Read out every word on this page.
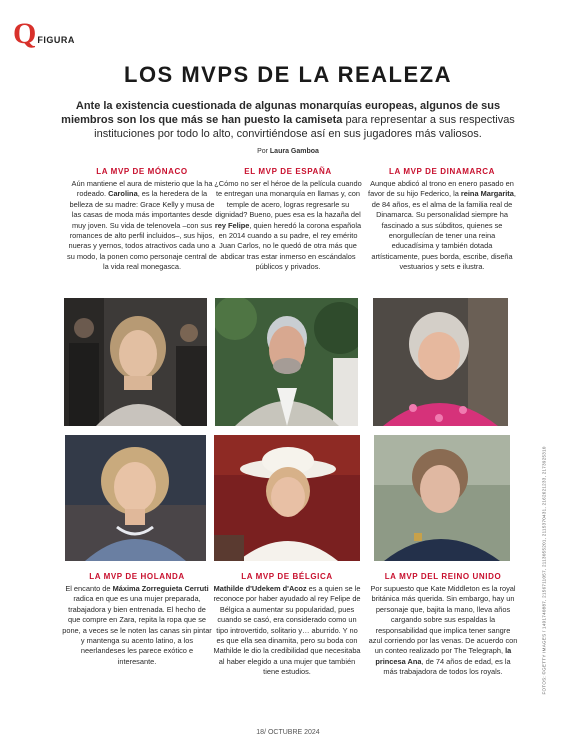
Q FIGURA
LOS MVPS DE LA REALEZA

Ante la existencia cuestionada de algunas monarquías europeas, algunos de sus miembros son los que más se han puesto la camiseta para representar a sus respectivas instituciones por todo lo alto, convirtiéndose así en sus jugadores más valiosos.

Por Laura Gamboa
LA MVP DE MÓNACO
Aún mantiene el aura de misterio que la ha rodeado. Carolina, es la heredera de la belleza de su madre: Grace Kelly y musa de las casas de moda más importantes desde muy joven. Su vida de telenovela –con sus romances de alto perfil incluidos–, sus hijos, nueras y yernos, todos atractivos cada uno a su modo, la ponen como personaje central de la vida real monegasca.
EL MVP DE ESPAÑA
¿Cómo no ser el héroe de la película cuando te entregan una monarquía en llamas y, con temple de acero, logras regresarle su dignidad? Bueno, pues esa es la hazaña del rey Felipe, quien heredó la corona española en 2014 cuando a su padre, el rey emérito Juan Carlos, no le quedó de otra más que abdicar tras estar inmerso en escándalos públicos y privados.
LA MVP DE DINAMARCA
Aunque abdicó al trono en enero pasado en favor de su hijo Federico, la reina Margarita, de 84 años, es el alma de la familia real de Dinamarca. Su personalidad siempre ha fascinado a sus súbditos, quienes se enorgullecían de tener una reina educadísima y también dotada artísticamente, pues borda, escribe, diseña vestuarios y sets e ilustra.
LA MVP DE HOLANDA
El encanto de Máxima Zorreguieta Cerruti radica en que es una mujer preparada, trabajadora y bien entrenada. El hecho de que compre en Zara, repita la ropa que se pone, a veces se le noten las canas sin pintar y mantenga su acento latino, a los neerlandeses les parece exótico e interesante.
LA MVP DE BÉLGICA
Mathilde d'Udekem d'Acoz es a quien se le reconoce por haber ayudado al rey Felipe de Bélgica a aumentar su popularidad, pues cuando se casó, era considerado como un tipo introvertido, solitario y… aburrido. Y no es que ella sea dinamita, pero su boda con Mathilde le dio la credibilidad que necesitaba al haber elegido a una mujer que también tiene estudios.
LA MVP DEL REINO UNIDO
Por supuesto que Kate Middleton es la royal británica más querida. Sin embargo, hay un personaje que, bajita la mano, lleva años cargando sobre sus espaldas la responsabilidad que implica tener sangre azul corriendo por las venas. De acuerdo con un conteo realizado por The Telegraph, la princesa Ana, de 74 años de edad, es la más trabajadora de todos los royals.	FOTOS: ©GETTY IMAGES / 1491740887, 2156711057, 2113055201, 2115370431, 2162621233, 2173925310
18/ OCTUBRE 2024
